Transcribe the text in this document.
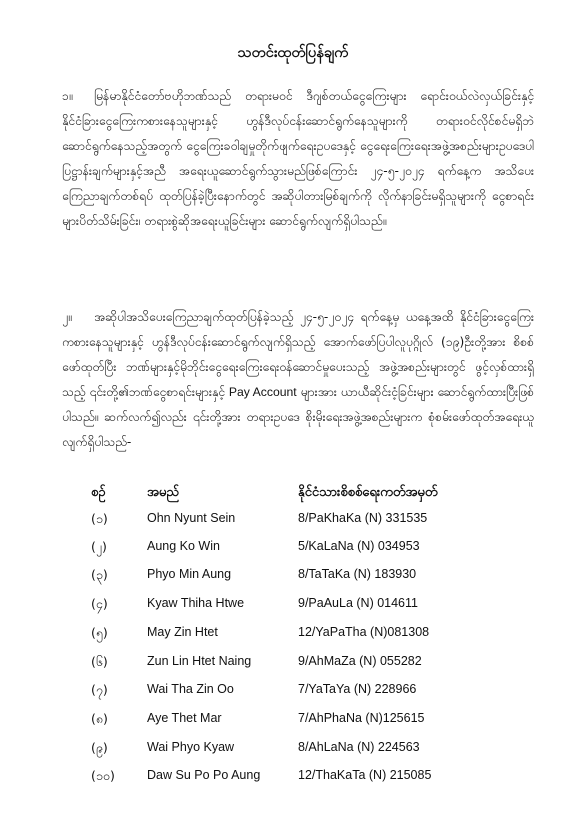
သတင်းထုတ်ပြန်ချက်
၁။ မြန်မာနိုင်ငံတော်ဗဟိုဘဏ်သည် တရားမဝင် ဒီဂျစ်တယ်ငွေကြေးများ ရောင်းဝယ်လဲလှယ်ခြင်းနှင့် နိုင်ငံခြားငွေကြေးကစားနေသူများနှင့် ဟွန်ဒီလုပ်ငန်းဆောင်ရွက်နေသူများကို တရားဝင်လိုင်စင်မရှိဘဲ ဆောင်ရွက်နေသည့်အတွက် ငွေကြေးခဝါချမှုတိုက်ဖျက်ရေးဥပဒေနှင့် ငွေရေးကြေးရေးအဖွဲ့အစည်းများဥပဒေပါ ပြဋ္ဌာန်းချက်များနှင့်အညီ အရေးယူဆောင်ရွက်သွားမည်ဖြစ်ကြောင်း ၂၄-၅-၂၀၂၄ ရက်နေ့က အသိပေးကြေညာချက်တစ်ရပ် ထုတ်ပြန်ခဲ့ပြီးနောက်တွင် အဆိုပါတားမြစ်ချက်ကို လိုက်နာခြင်းမရှိသူများကို ငွေစာရင်းများပိတ်သိမ်းခြင်း၊ တရားစွဲဆိုအရေးယူခြင်းများ ဆောင်ရွက်လျက်ရှိပါသည်။
၂။ အဆိုပါအသိပေးကြေညာချက်ထုတ်ပြန်ခဲ့သည့် ၂၄-၅-၂၀၂၄ ရက်နေ့မှ ယနေ့အထိ နိုင်ငံခြားငွေကြေးကစားနေသူများနှင့် ဟွန်ဒီလုပ်ငန်းဆောင်ရွက်လျက်ရှိသည့် အောက်ဖော်ပြပါလူပုဂ္ဂိုလ် (၁၉)ဦးတို့အား စိစစ်ဖော်ထုတ်ပြီး ဘဏ်များနှင့်မိုဘိုင်းငွေရေးကြေးရေးဝန်ဆောင်မှုပေးသည့် အဖွဲ့အစည်းများတွင် ဖွင့်လှစ်ထားရှိသည့် ၎င်းတို့၏ဘဏ်ငွေစာရင်းများနှင့် Pay Account များအား ယာယီဆိုင်းငံ့ခြင်းများ ဆောင်ရွက်ထားပြီးဖြစ်ပါသည်။ ဆက်လက်၍လည်း ၎င်းတို့အား တရားဥပဒေ စိုးမိုးရေးအဖွဲ့အစည်းများက စုံစမ်းဖော်ထုတ်အရေးယူလျက်ရှိပါသည်-
စဉ်	အမည်	နိုင်ငံသားစိစစ်ရေးကတ်အမှတ်
(၁)	Ohn Nyunt Sein	8/PaKhaKa (N) 331535
(၂)	Aung Ko Win	5/KaLaNa (N) 034953
(၃)	Phyo Min Aung	8/TaTaKa (N) 183930
(၄)	Kyaw Thiha Htwe	9/PaAuLa (N) 014611
(၅)	May Zin Htet	12/YaPaTha (N)081308
(၆)	Zun Lin Htet Naing	9/AhMaZa (N) 055282
(၇)	Wai Tha Zin Oo	7/YaTaYa (N) 228966
(၈)	Aye Thet Mar	7/AhPhaNa (N)125615
(၉)	Wai Phyo Kyaw	8/AhLaNa (N) 224563
(၁၀)	Daw Su Po Po Aung	12/ThaKaTa (N) 215085
